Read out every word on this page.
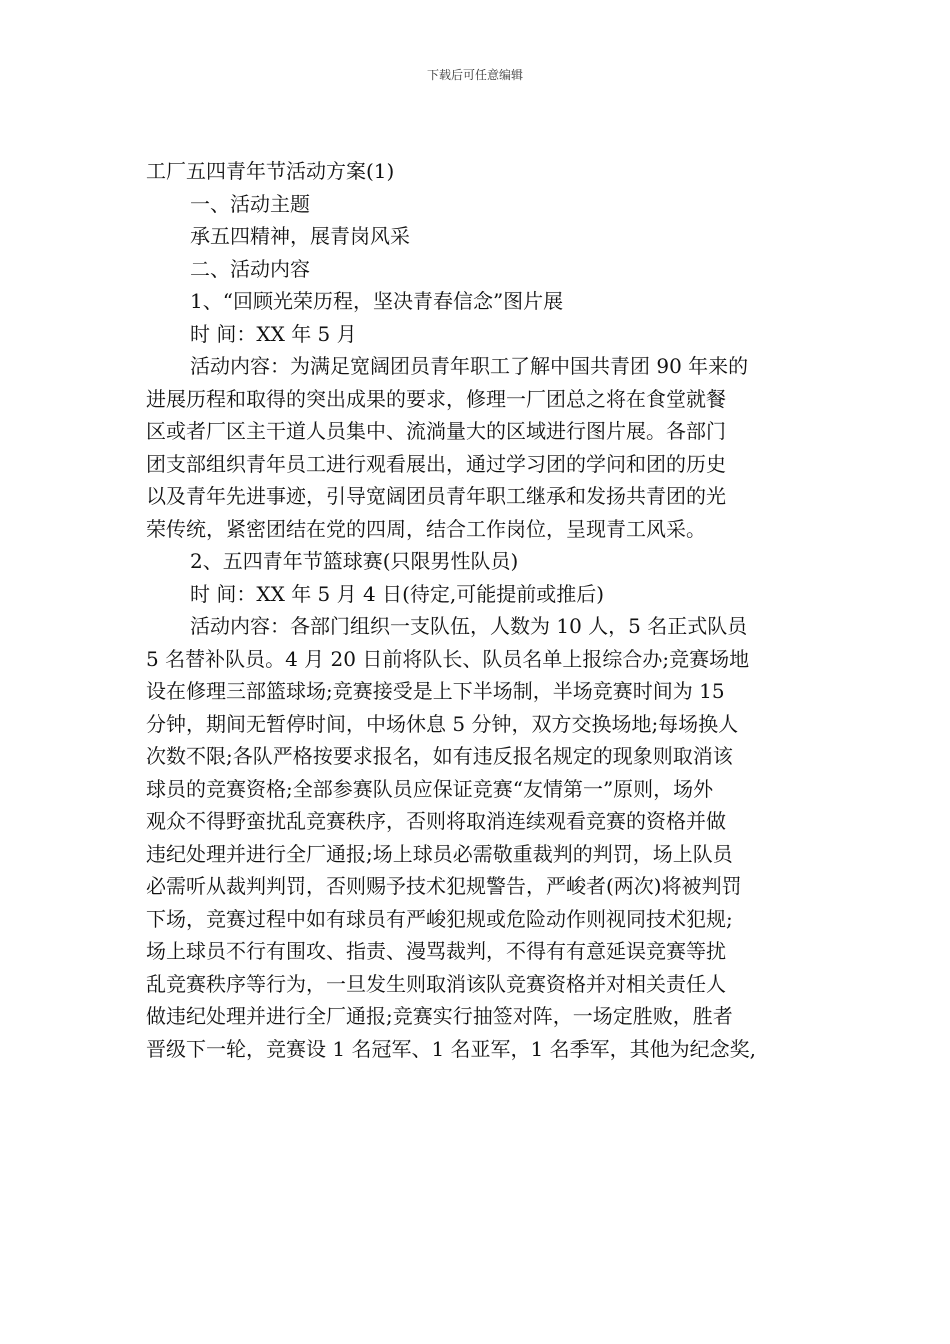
下载后可任意编辑

工厂五四青年节活动方案(1)

一、活动主题

承五四精神，展青岗风采

二、活动内容

1、“回顾光荣历程，坚决青春信念”图片展

时 间：XX 年 5 月

活动内容：为满足宽阔团员青年职工了解中国共青团 90 年来的
进展历程和取得的突出成果的要求，修理一厂团总之将在食堂就餐
区或者厂区主干道人员集中、流淌量大的区域进行图片展。各部门
团支部组织青年员工进行观看展出，通过学习团的学问和团的历史
以及青年先进事迹，引导宽阔团员青年职工继承和发扬共青团的光
荣传统，紧密团结在党的四周，结合工作岗位，呈现青工风采。

2、五四青年节篮球赛(只限男性队员)

时 间：XX 年 5 月 4 日(待定,可能提前或推后)

活动内容：各部门组织一支队伍，人数为 10 人，5 名正式队员
5 名替补队员。4 月 20 日前将队长、队员名单上报综合办;竞赛场地
设在修理三部篮球场;竞赛接受是上下半场制，半场竞赛时间为 15
分钟，期间无暂停时间，中场休息 5 分钟，双方交换场地;每场换人
次数不限;各队严格按要求报名，如有违反报名规定的现象则取消该
球员的竞赛资格;全部参赛队员应保证竞赛“友情第一”原则，场外
观众不得野蛮扰乱竞赛秩序，否则将取消连续观看竞赛的资格并做
违纪处理并进行全厂通报;场上球员必需敬重裁判的判罚，场上队员
必需听从裁判判罚，否则赐予技术犯规警告，严峻者(两次)将被判罚
下场，竞赛过程中如有球员有严峻犯规或危险动作则视同技术犯规;
场上球员不行有围攻、指责、漫骂裁判，不得有有意延误竞赛等扰
乱竞赛秩序等行为，一旦发生则取消该队竞赛资格并对相关责任人
做违纪处理并进行全厂通报;竞赛实行抽签对阵，一场定胜败，胜者
晋级下一轮，竞赛设 1 名冠军、1 名亚军，1 名季军，其他为纪念奖,
